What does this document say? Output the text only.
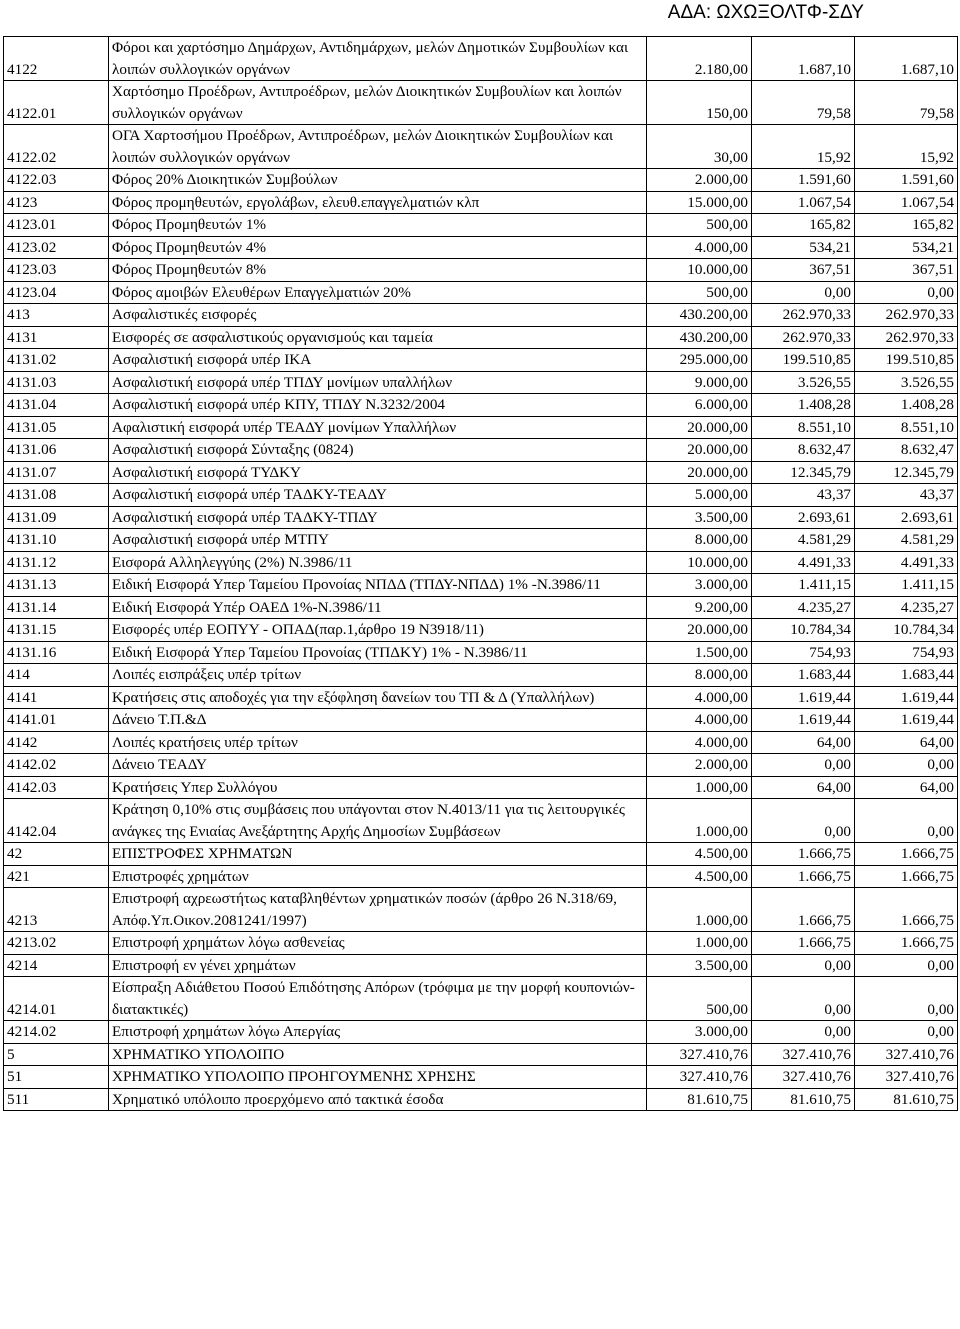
ΑΔΑ: ΩΧΩΞΟΛΤΦ-ΣΔΥ
4122	Φόροι και χαρτόσημο Δημάρχων, Αντιδημάρχων, μελών Δημοτικών Συμβουλίων και λοιπών συλλογικών οργάνων	2.180,00	1.687,10	1.687,10
4122.01	Χαρτόσημο Προέδρων, Αντιπροέδρων, μελών Διοικητικών Συμβουλίων και λοιπών συλλογικών οργάνων	150,00	79,58	79,58
4122.02	ΟΓΑ Χαρτοσήμου Προέδρων, Αντιπροέδρων, μελών Διοικητικών Συμβουλίων και λοιπών συλλογικών οργάνων	30,00	15,92	15,92
4122.03	Φόρος 20% Διοικητικών Συμβούλων	2.000,00	1.591,60	1.591,60
4123	Φόρος προμηθευτών, εργολάβων, ελευθ.επαγγελματιών κλπ	15.000,00	1.067,54	1.067,54
4123.01	Φόρος Προμηθευτών 1%	500,00	165,82	165,82
4123.02	Φόρος Προμηθευτών 4%	4.000,00	534,21	534,21
4123.03	Φόρος Προμηθευτών 8%	10.000,00	367,51	367,51
4123.04	Φόρος αμοιβών Ελευθέρων Επαγγελματιών 20%	500,00	0,00	0,00
413	Ασφαλιστικές εισφορές	430.200,00	262.970,33	262.970,33
4131	Εισφορές σε ασφαλιστικούς οργανισμούς και ταμεία	430.200,00	262.970,33	262.970,33
4131.02	Ασφαλιστική εισφορά υπέρ ΙΚΑ	295.000,00	199.510,85	199.510,85
4131.03	Ασφαλιστική εισφορά υπέρ ΤΠΔΥ μονίμων υπαλλήλων	9.000,00	3.526,55	3.526,55
4131.04	Ασφαλιστική εισφορά υπέρ ΚΠΥ, ΤΠΔΥ Ν.3232/2004	6.000,00	1.408,28	1.408,28
4131.05	Αφαλιστική εισφορά υπέρ ΤΕΑΔΥ μονίμων Υπαλλήλων	20.000,00	8.551,10	8.551,10
4131.06	Ασφαλιστική εισφορά Σύνταξης (0824)	20.000,00	8.632,47	8.632,47
4131.07	Ασφαλιστική εισφορά ΤΥΔΚΥ	20.000,00	12.345,79	12.345,79
4131.08	Ασφαλιστική εισφορά υπέρ ΤΑΔΚΥ-ΤΕΑΔΥ	5.000,00	43,37	43,37
4131.09	Ασφαλιστική εισφορά υπέρ ΤΑΔΚΥ-ΤΠΔΥ	3.500,00	2.693,61	2.693,61
4131.10	Ασφαλιστική εισφορά υπέρ ΜΤΠΥ	8.000,00	4.581,29	4.581,29
4131.12	Εισφορά Αλληλεγγύης (2%) Ν.3986/11	10.000,00	4.491,33	4.491,33
4131.13	Ειδική Εισφορά Υπερ Ταμείου Προνοίας ΝΠΔΔ (ΤΠΔΥ-ΝΠΔΔ) 1% -Ν.3986/11	3.000,00	1.411,15	1.411,15
4131.14	Ειδική Εισφορά Υπέρ ΟΑΕΔ 1%-Ν.3986/11	9.200,00	4.235,27	4.235,27
4131.15	Εισφορές υπέρ ΕΟΠΥΥ - ΟΠΑΔ(παρ.1,άρθρο 19 Ν3918/11)	20.000,00	10.784,34	10.784,34
4131.16	Ειδική Εισφορά Υπερ Ταμείου Προνοίας (ΤΠΔΚΥ) 1% - Ν.3986/11	1.500,00	754,93	754,93
414	Λοιπές εισπράξεις υπέρ τρίτων	8.000,00	1.683,44	1.683,44
4141	Κρατήσεις στις αποδοχές για την εξόφληση δανείων του ΤΠ & Δ (Υπαλλήλων)	4.000,00	1.619,44	1.619,44
4141.01	Δάνειο Τ.Π.&Δ	4.000,00	1.619,44	1.619,44
4142	Λοιπές κρατήσεις υπέρ τρίτων	4.000,00	64,00	64,00
4142.02	Δάνειο ΤΕΑΔΥ	2.000,00	0,00	0,00
4142.03	Κρατήσεις Υπερ Συλλόγου	1.000,00	64,00	64,00
4142.04	Κράτηση 0,10% στις συμβάσεις που υπάγονται στον Ν.4013/11 για τις λειτουργικές ανάγκες της Ενιαίας Ανεξάρτητης Αρχής Δημοσίων Συμβάσεων	1.000,00	0,00	0,00
42	ΕΠΙΣΤΡΟΦΕΣ ΧΡΗΜΑΤΩΝ	4.500,00	1.666,75	1.666,75
421	Επιστροφές χρημάτων	4.500,00	1.666,75	1.666,75
4213	Επιστροφή αχρεωστήτως καταβληθέντων χρηματικών ποσών (άρθρο 26 Ν.318/69, Απόφ.Υπ.Οικον.2081241/1997)	1.000,00	1.666,75	1.666,75
4213.02	Επιστροφή χρημάτων λόγω ασθενείας	1.000,00	1.666,75	1.666,75
4214	Επιστροφή εν γένει χρημάτων	3.500,00	0,00	0,00
4214.01	Είσπραξη Αδιάθετου Ποσού Επιδότησης Απόρων (τρόφιμα με την μορφή κουπονιών-διατακτικές)	500,00	0,00	0,00
4214.02	Επιστροφή χρημάτων λόγω Απεργίας	3.000,00	0,00	0,00
5	ΧΡΗΜΑΤΙΚΟ ΥΠΟΛΟΙΠΟ	327.410,76	327.410,76	327.410,76
51	ΧΡΗΜΑΤΙΚΟ ΥΠΟΛΟΙΠΟ ΠΡΟΗΓΟΥΜΕΝΗΣ ΧΡΗΣΗΣ	327.410,76	327.410,76	327.410,76
511	Χρηματικό υπόλοιπο προερχόμενο από τακτικά έσοδα	81.610,75	81.610,75	81.610,75
